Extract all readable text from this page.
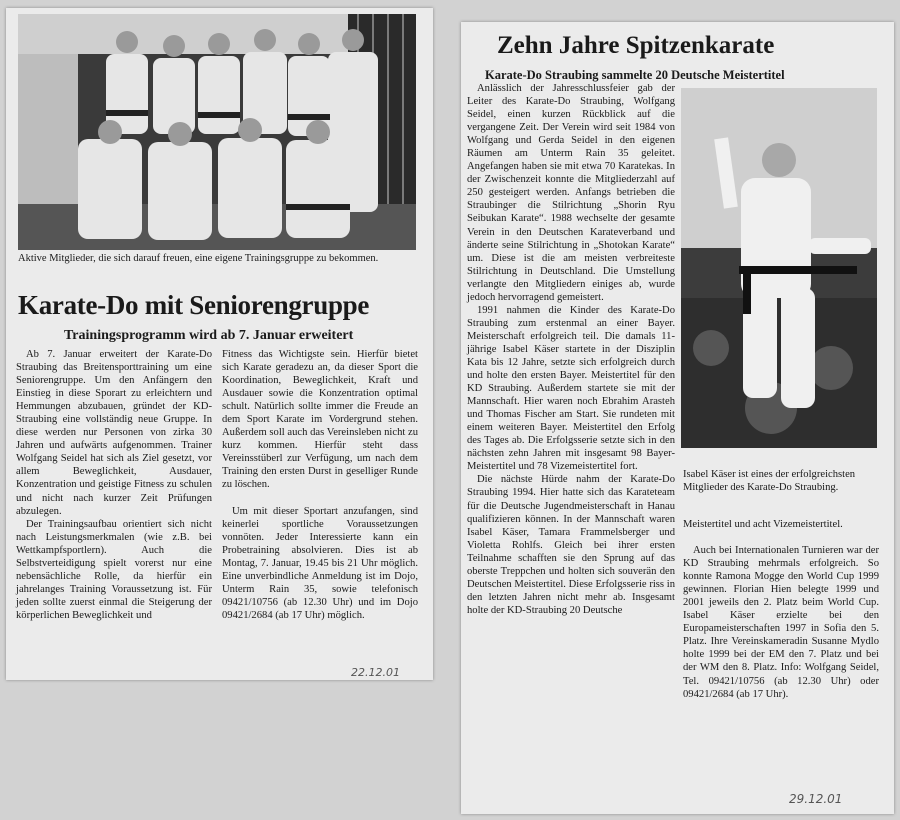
Aktive Mitglieder, die sich darauf freuen, eine eigene Trainingsgruppe zu bekommen.
Karate-Do mit Seniorengruppe
Trainingsprogramm wird ab 7. Januar erweitert

Ab 7. Januar erweitert der Karate-Do Straubing das Breitensporttraining um eine Seniorengruppe. Um den Anfängern den Einstieg in diese Sporart zu erleichtern und Hemmungen abzubauen, gründet der KD-Straubing eine vollständig neue Gruppe. In diese werden nur Personen von zirka 30 Jahren und aufwärts aufgenommen. Trainer Wolfgang Seidel hat sich als Ziel gesetzt, vor allem Beweglichkeit, Ausdauer, Konzentration und geistige Fitness zu schulen und nicht nach kurzer Zeit Prüfungen abzulegen.

Der Trainingsaufbau orientiert sich nicht nach Leistungsmerkmalen (wie z.B. bei Wettkampfsportlern). Auch die Selbstverteidigung spielt vorerst nur eine nebensächliche Rolle, da hierfür ein jahrelanges Training Voraussetzung ist. Für jeden sollte zuerst einmal die Steigerung der körperlichen Beweglichkeit und

Fitness das Wichtigste sein. Hierfür bietet sich Karate geradezu an, da dieser Sport die Koordination, Beweglichkeit, Kraft und Ausdauer sowie die Konzentration optimal schult. Natürlich sollte immer die Freude an dem Sport Karate im Vordergrund stehen. Außerdem soll auch das Vereinsleben nicht zu kurz kommen. Hierfür steht dass Vereinsstüberl zur Verfügung, um nach dem Training den ersten Durst in geselliger Runde zu löschen.

Um mit dieser Sportart anzufangen, sind keinerlei sportliche Voraussetzungen vonnöten. Jeder Interessierte kann ein Probetraining absolvieren. Dies ist ab Montag, 7. Januar, 19.45 bis 21 Uhr möglich. Eine unverbindliche Anmeldung ist im Dojo, Unterm Rain 35, sowie telefonisch 09421/10756 (ab 12.30 Uhr) und im Dojo 09421/2684 (ab 17 Uhr) möglich.

22.12.01
Zehn Jahre Spitzenkarate
Karate-Do Straubing sammelte 20 Deutsche Meistertitel

Anlässlich der Jahresschlussfeier gab der Leiter des Karate-Do Straubing, Wolfgang Seidel, einen kurzen Rückblick auf die vergangene Zeit. Der Verein wird seit 1984 von Wolfgang und Gerda Seidel in den eigenen Räumen am Unterm Rain 35 geleitet. Angefangen haben sie mit etwa 70 Karatekas. In der Zwischenzeit konnte die Mitgliederzahl auf 250 gesteigert werden. Anfangs betrieben die Straubinger die Stilrichtung „Shorin Ryu Seibukan Karate“. 1988 wechselte der gesamte Verein in den Deutschen Karateverband und änderte seine Stilrichtung in „Shotokan Karate“ um. Diese ist die am meisten verbreiteste Stilrichtung in Deutschland. Die Umstellung verlangte den Mitgliedern einiges ab, wurde jedoch hervorragend gemeistert.

1991 nahmen die Kinder des Karate-Do Straubing zum erstenmal an einer Bayer. Meisterschaft erfolgreich teil. Die damals 11-jährige Isabel Käser startete in der Disziplin Kata bis 12 Jahre, setzte sich erfolgreich durch und holte den ersten Bayer. Meistertitel für den KD Straubing. Außerdem startete sie mit der Mannschaft. Hier waren noch Ebrahim Arasteh und Thomas Fischer am Start. Sie rundeten mit einem weiteren Bayer. Meistertitel den Erfolg des Tages ab. Die Erfolgsserie setzte sich in den nächsten zehn Jahren mit insgesamt 98 Bayer-Meistertitel und 78 Vizemeistertitel fort.

Die nächste Hürde nahm der Karate-Do Straubing 1994. Hier hatte sich das Karateteam für die Deutsche Jugendmeisterschaft in Hanau qualifizieren können. In der Mannschaft waren Isabel Käser, Tamara Frammelsberger und Violetta Rohlfs. Gleich bei ihrer ersten Teilnahme schafften sie den Sprung auf das oberste Treppchen und holten sich souverän den Deutschen Meistertitel. Diese Erfolgsserie riss in den letzten Jahren nicht mehr ab. Insgesamt holte der KD-Straubing 20 Deutsche

Isabel Käser ist eines der erfolgreichsten Mitglieder des Karate-Do Straubing.

Meistertitel und acht Vizemeistertitel.

Auch bei Internationalen Turnieren war der KD Straubing mehrmals erfolgreich. So konnte Ramona Mogge den World Cup 1999 gewinnen. Florian Hien belegte 1999 und 2001 jeweils den 2. Platz beim World Cup. Isabel Käser erzielte bei den Europameisterschaften 1997 in Sofia den 5. Platz. Ihre Vereinskameradin Susanne Mydlo holte 1999 bei der EM den 7. Platz und bei der WM den 8. Platz. Info: Wolfgang Seidel, Tel. 09421/10756 (ab 12.30 Uhr) oder 09421/2684 (ab 17 Uhr).

29.12.01
